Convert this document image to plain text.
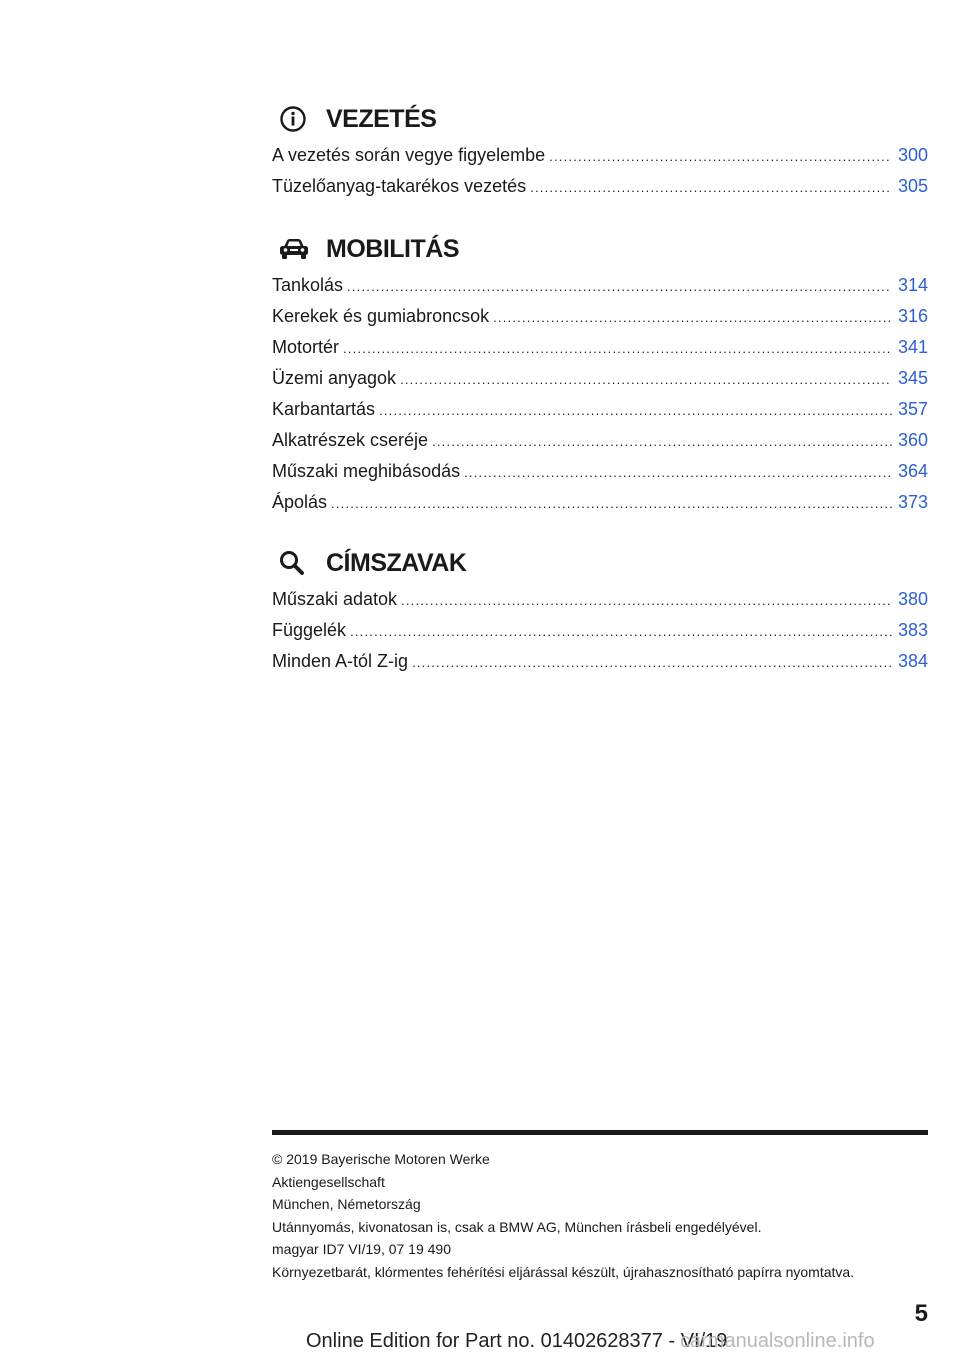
VEZETÉS
A vezetés során vegye figyelembe .....	300
Tüzelőanyag-takarékos vezetés .....	305
MOBILITÁS
Tankolás .....	314
Kerekek és gumiabroncsok .....	316
Motortér .....	341
Üzemi anyagok .....	345
Karbantartás .....	357
Alkatrészek cseréje .....	360
Műszaki meghibásodás .....	364
Ápolás .....	373
CÍMSZAVAK
Műszaki adatok .....	380
Függelék .....	383
Minden A-tól Z-ig .....	384
© 2019 Bayerische Motoren Werke
Aktiengesellschaft
München, Németország
Utánnyomás, kivonatosan is, csak a BMW AG, München írásbeli engedélyével.
magyar ID7 VI/19, 07 19 490
Környezetbarát, klórmentes fehérítési eljárással készült, újrahasznosítható papírra nyomtatva.
5
Online Edition for Part no. 01402628377 - VI/19
carmanualsonline.info
